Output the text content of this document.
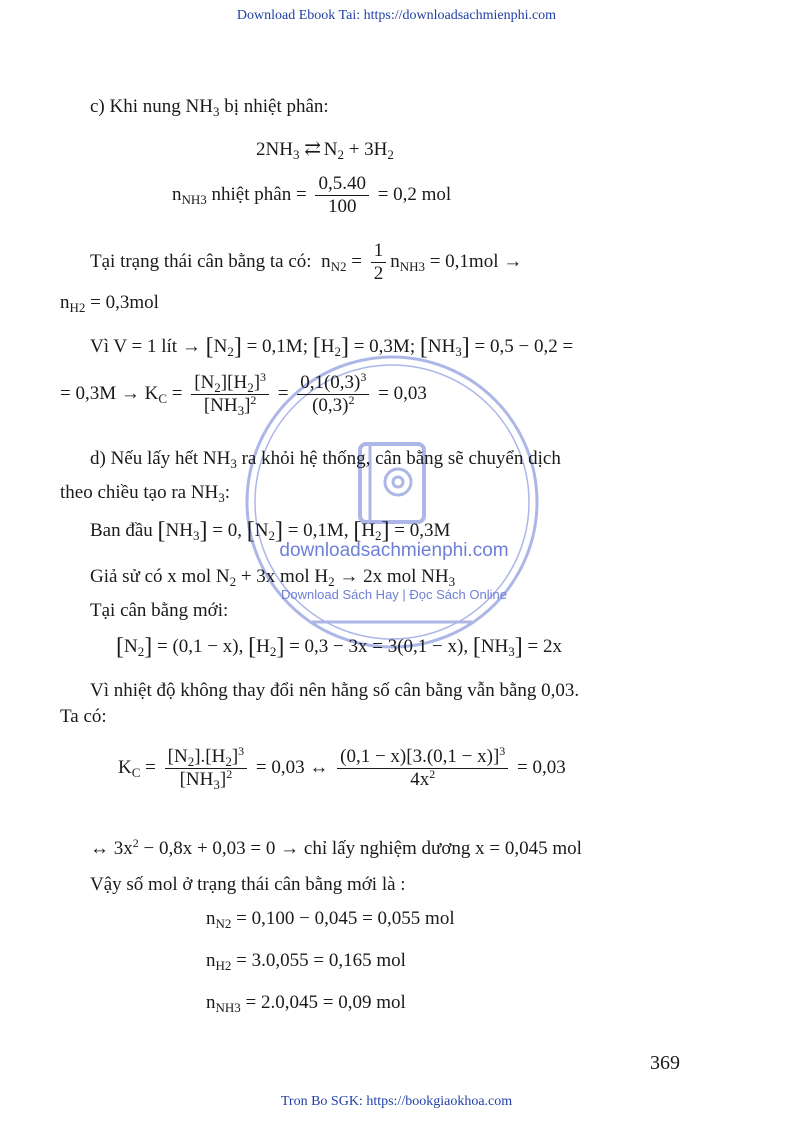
Download Ebook Tai: https://downloadsachmienphi.com
Tron Bo SGK: https://bookgiaokhoa.com
downloadsachmienphi.com
Download Sách Hay | Đọc Sách Online
c) Khi nung $NH_3$ bị nhiệt phân:
$2NH_3$ ⇄ $N_2 + 3H_2$
$n_{NH3}$ nhiệt phân = $\frac{0,5.40}{100} = 0,2$ mol
Tại trạng thái cân bằng ta có: $n_{N2} = \frac{1}{2} n_{NH3} = 0,1mol$ →
$n_{H2} = 0,3mol$
Vì V = 1 lít → $[N_2] = 0,1M$; $[H_2] = 0,3M$; $[NH_3] = 0,5 - 0,2$ =
= $0,3M \to K_C = \frac{[N_2][H_2]^3}{[NH_3]^2} = \frac{0,1(0,3)^3}{(0,3)^2} = 0,03$
d) Nếu lấy hết $NH_3$ ra khỏi hệ thống, cân bằng sẽ chuyển dịch
theo chiều tạo ra $NH_3$:
Ban đầu $[NH_3] = 0$, $[N_2] = 0,1M$, $[H_2] = 0,3M$
Giả sử có x mol $N_2 + 3x$ mol $H_2 \to 2x$ mol $NH_3$
Tại cân bằng mới:
$[N_2] = (0,1 - x)$, $[H_2] = 0,3 - 3x = 3(0,1 - x)$, $[NH_3] = 2x$
Vì nhiệt độ không thay đổi nên hằng số cân bằng vẫn bằng 0,03.
Ta có:
$K_C = \frac{[N_2].[H_2]^3}{[NH_3]^2} = 0,03$ ↔ $\frac{(0,1 - x)[3.(0,1 - x)]^3}{4x^2} = 0,03$
↔ $3x^2 - 0,8x + 0,03 = 0$ → chỉ lấy nghiệm dương x = 0,045 mol
Vậy số mol ở trạng thái cân bằng mới là :
$n_{N2} = 0,100 - 0,045 = 0,055$ mol
$n_{H2} = 3.0,055 = 0,165$ mol
$n_{NH3} = 2.0,045 = 0,09$ mol
369
